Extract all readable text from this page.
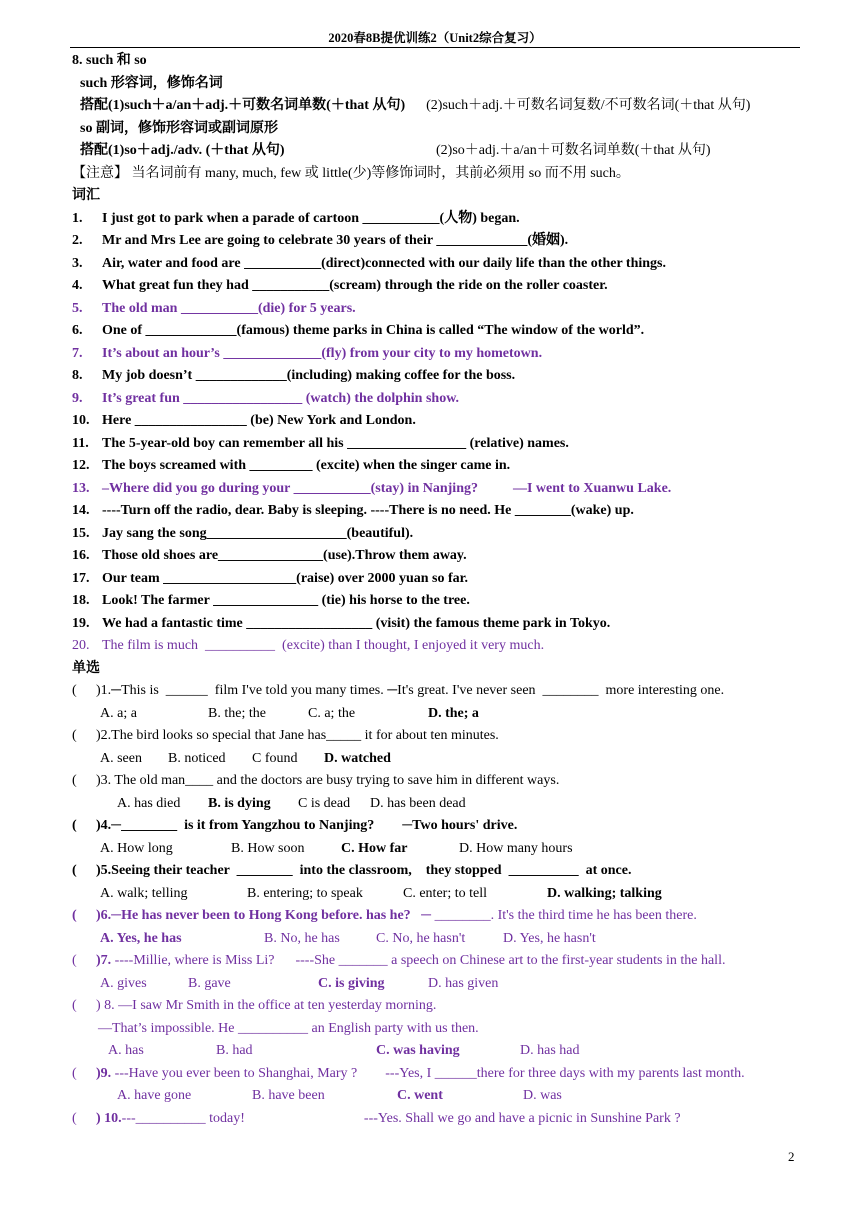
2020春8B提优训练2（Unit2综合复习）
8. such 和 so
such 形容词，修饰名词
搭配(1)such＋a/an＋adj.＋可数名词单数(＋that 从句) (2)such＋adj.＋可数名词复数/不可数名词(＋that 从句)
so 副词，修饰形容词或副词原形
搭配(1)so＋adj./adv. (＋that 从句)	(2)so＋adj.＋a/an＋可数名词单数(＋that 从句)
【注意】 当名词前有 many, much, few 或 little(少)等修饰词时，其前必须用 so 而不用 such。
词汇
1. I just got to park when a parade of cartoon ___________(人物) began.
2. Mr and Mrs Lee are going to celebrate 30 years of their _____________(婚姻).
3. Air, water and food are ___________(direct)connected with our daily life than the other things.
4. What great fun they had ___________(scream) through the ride on the roller coaster.
5. The old man ___________(die) for 5 years.
6. One of _____________(famous) theme parks in China is called “The window of the world”.
7. It’s about an hour’s ______________(fly) from your city to my hometown.
8. My job doesn’t _____________(including) making coffee for the boss.
9. It’s great fun _________________ (watch) the dolphin show.
10. Here ________________ (be) New York and London.
11. The 5-year-old boy can remember all his _________________ (relative) names.
12. The boys screamed with _________ (excite) when the singer came in.
13. –Where did you go during your ___________(stay) in Nanjing?          —I went to Xuanwu Lake.
14. ----Turn off the radio, dear. Baby is sleeping. ----There is no need. He ________(wake) up.
15. Jay sang the song____________________(beautiful).
16. Those old shoes are_______________(use).Throw them away.
17. Our team ___________________(raise) over 2000 yuan so far.
18. Look! The farmer _______________ (tie) his horse to the tree.
19. We had a fantastic time __________________ (visit) the famous theme park in Tokyo.
20. The film is much  __________  (excite) than I thought, I enjoyed it very much.
单选
( )1.─This is  ______  film I've told you many times. ─It's great. I've never seen  ________  more interesting one.
A. a; a	B. the; the	C. a; the	D. the; a
( )2.The bird looks so special that Jane has_____ it for about ten minutes.
A. seen B. noticed C found D. watched
( )3. The old man____ and the doctors are busy trying to save him in different ways.
A. has died B. is dying C is dead D. has been dead
( )4.─________  is it from Yangzhou to Nanjing?        ─Two hours' drive.
A. How long	B. How soon	C. How far	D. How many hours
( )5.Seeing their teacher  ________  into the classroom,    they stopped  __________  at once.
A. walk; telling	B. entering; to speak	C. enter; to tell	D. walking; talking
( )6.─He has never been to Hong Kong before. has he?   ─ ________. It's the third time he has been there.
A. Yes, he has	B. No, he has	C. No, he hasn't	D. Yes, he hasn't
( )7. ----Millie, where is Miss Li?      ----She _______ a speech on Chinese art to the first-year students in the hall.
A. gives	B. gave	C. is giving	D. has given
( ) 8. —I saw Mr Smith in the office at ten yesterday morning.
—That’s impossible. He __________ an English party with us then.
A. has	B. had	C. was having	D. has had
( )9. ---Have you ever been to Shanghai, Mary ?        ---Yes, I ______there for three days with my parents last month.
A. have gone	B. have been	C. went	D. was
( ) 10.---__________ today!                                  ---Yes. Shall we go and have a picnic in Sunshine Park ?
2
